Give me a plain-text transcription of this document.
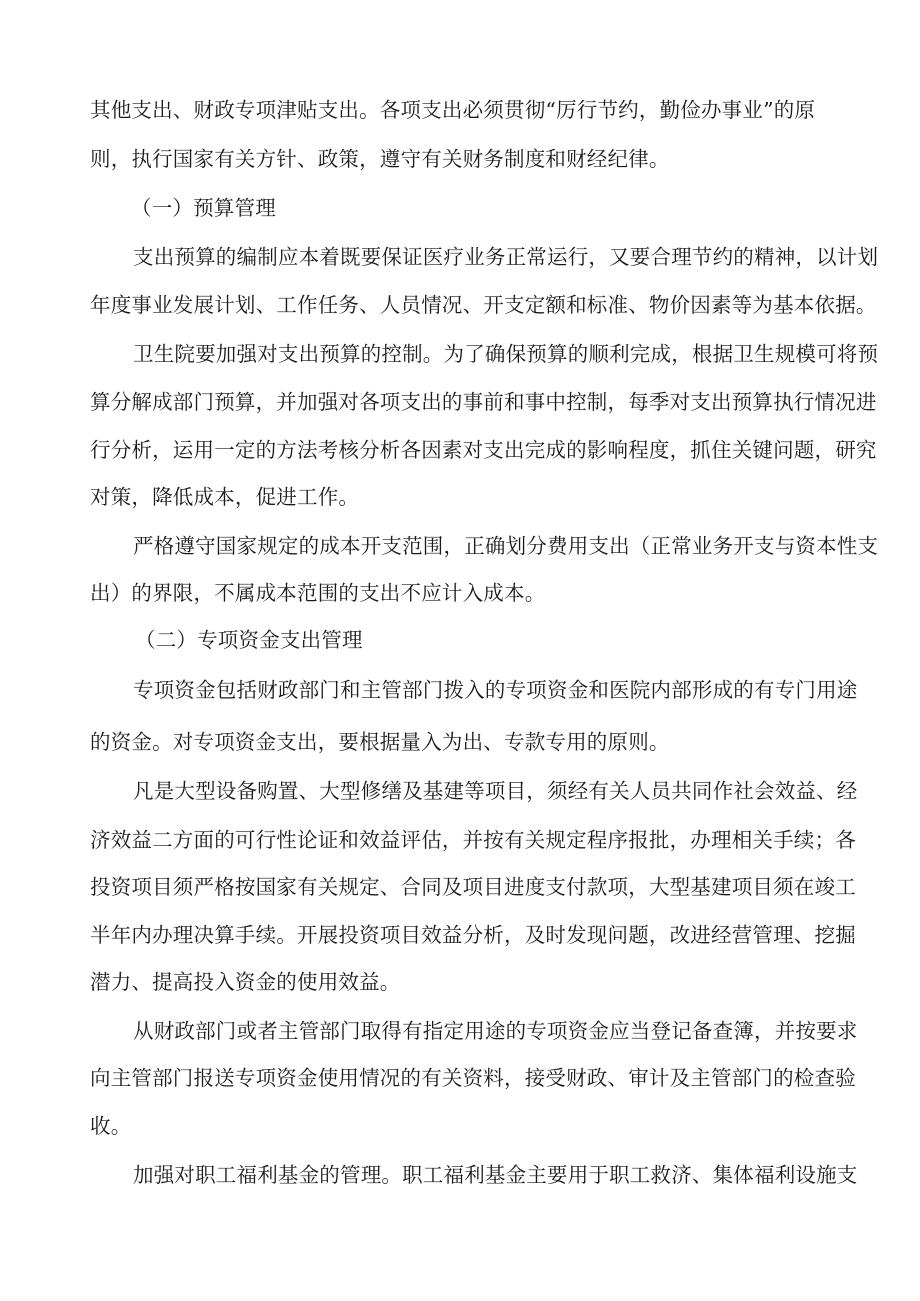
其他支出、财政专项津贴支出。各项支出必须贯彻“厉行节约，勤俭办事业”的原
则，执行国家有关方针、政策，遵守有关财务制度和财经纪律。
（一）预算管理
支出预算的编制应本着既要保证医疗业务正常运行，又要合理节约的精神，以计划
年度事业发展计划、工作任务、人员情况、开支定额和标准、物价因素等为基本依据。
卫生院要加强对支出预算的控制。为了确保预算的顺利完成，根据卫生规模可将预
算分解成部门预算，并加强对各项支出的事前和事中控制，每季对支出预算执行情况进
行分析，运用一定的方法考核分析各因素对支出完成的影响程度，抓住关键问题，研究
对策，降低成本，促进工作。
严格遵守国家规定的成本开支范围，正确划分费用支出（正常业务开支与资本性支
出）的界限，不属成本范围的支出不应计入成本。
（二）专项资金支出管理
专项资金包括财政部门和主管部门拨入的专项资金和医院内部形成的有专门用途
的资金。对专项资金支出，要根据量入为出、专款专用的原则。
凡是大型设备购置、大型修缮及基建等项目，须经有关人员共同作社会效益、经
济效益二方面的可行性论证和效益评估，并按有关规定程序报批，办理相关手续；各
投资项目须严格按国家有关规定、合同及项目进度支付款项，大型基建项目须在竣工
半年内办理决算手续。开展投资项目效益分析，及时发现问题，改进经营管理、挖掘
潜力、提高投入资金的使用效益。
从财政部门或者主管部门取得有指定用途的专项资金应当登记备查簿，并按要求
向主管部门报送专项资金使用情况的有关资料，接受财政、审计及主管部门的检查验
收。
加强对职工福利基金的管理。职工福利基金主要用于职工救济、集体福利设施支
